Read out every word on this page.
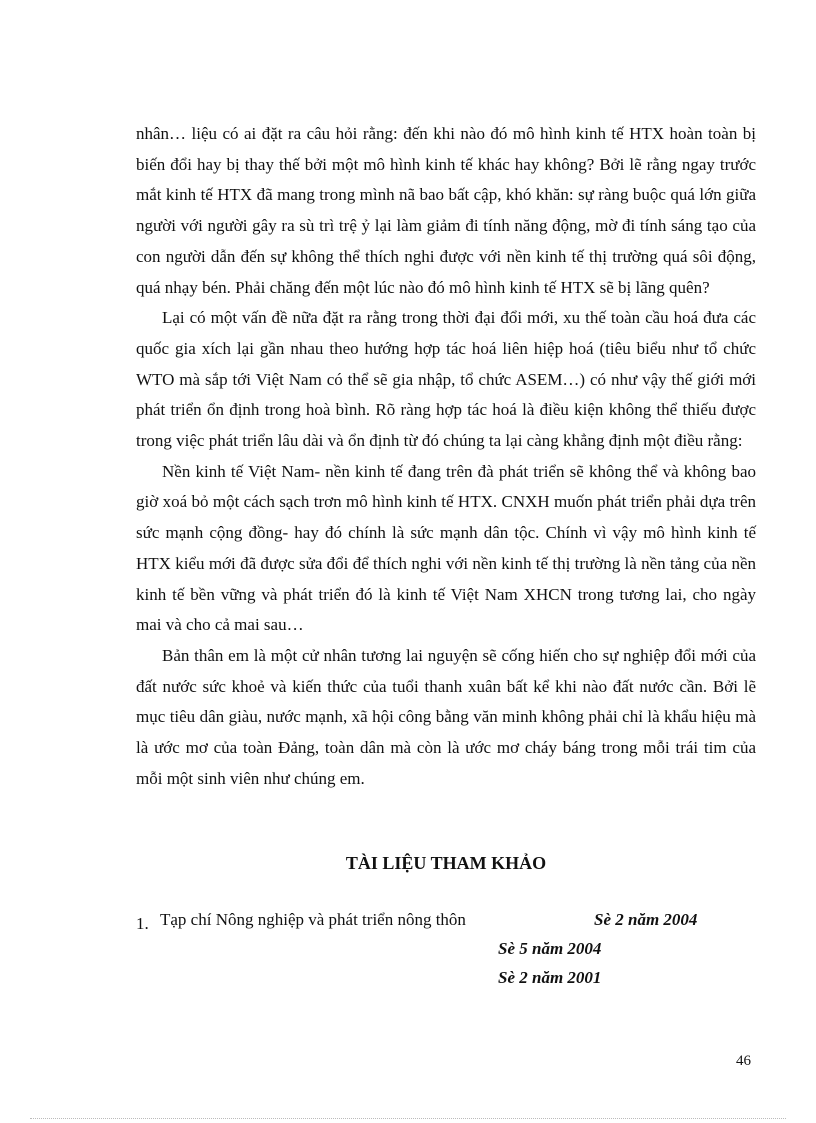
nhân… liệu có ai đặt ra câu hỏi rằng: đến khi nào đó mô hình kinh tế HTX hoàn toàn bị biến đổi hay bị thay thế bởi một mô hình kinh tế khác hay không? Bởi lẽ rằng ngay trước mắt kinh tế HTX đã mang trong mình nã bao bất cập, khó khăn: sự ràng buộc quá lớn giữa người với người gây ra sù trì trệ ỷ lại làm giảm đi tính năng động, mờ đi tính sáng tạo của con người dẫn đến sự không thể thích nghi được với nền kinh tế thị trường quá sôi động, quá nhạy bén. Phải chăng đến một lúc nào đó mô hình kinh tế HTX sẽ bị lãng quên?

Lại có một vấn đề nữa đặt ra rằng trong thời đại đổi mới, xu thế toàn cầu hoá đưa các quốc gia xích lại gần nhau theo hướng hợp tác hoá liên hiệp hoá (tiêu biểu như tổ chức WTO mà sắp tới Việt Nam có thể sẽ gia nhập, tổ chức ASEM…) có như vậy thế giới mới phát triển ổn định trong hoà bình. Rõ ràng hợp tác hoá là điều kiện không thể thiếu được trong việc phát triển lâu dài và ổn định từ đó chúng ta lại càng khẳng định một điều rằng:

Nền kinh tế Việt Nam- nền kinh tế đang trên đà phát triển sẽ không thể và không bao giờ xoá bỏ một cách sạch trơn mô hình kinh tế HTX. CNXH muốn phát triển phải dựa trên sức mạnh cộng đồng- hay đó chính là sức mạnh dân tộc. Chính vì vậy mô hình kinh tế HTX kiểu mới đã được sửa đổi để thích nghi với nền kinh tế thị trường là nền tảng của nền kinh tế bền vững và phát triển đó là kinh tế Việt Nam XHCN trong tương lai, cho ngày mai và cho cả mai sau…

Bản thân em là một cử nhân tương lai nguyện sẽ cống hiến cho sự nghiệp đổi mới của đất nước sức khoẻ và kiến thức của tuổi thanh xuân bất kể khi nào đất nước cần. Bởi lẽ mục tiêu dân giàu, nước mạnh, xã hội công bằng văn minh không phải chỉ là khẩu hiệu mà là ước mơ của toàn Đảng, toàn dân mà còn là ước mơ cháy báng trong mỗi trái tim của mỗi một sinh viên như chúng em.

TÀI LIỆU THAM KHẢO
1. Tạp chí Nông nghiệp và phát triển nông thôn	Sè 2 năm 2004
Sè 5 năm 2004
Sè 2 năm 2001
46
